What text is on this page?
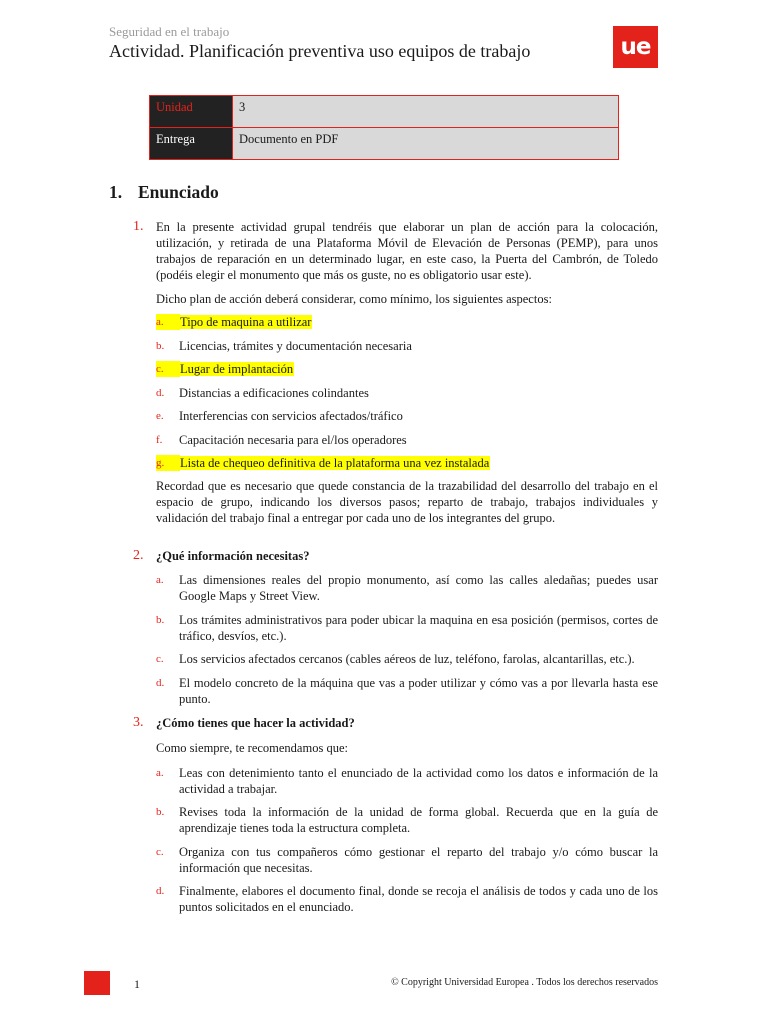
Seguridad en el trabajo
Actividad. Planificación preventiva uso equipos de trabajo	ue
Unidad	3
Entrega	Documento en PDF
1. Enunciado
1.	En la presente actividad grupal tendréis que elaborar un plan de acción para la colocación, utilización, y retirada de una Plataforma Móvil de Elevación de Personas (PEMP), para unos trabajos de reparación en un determinado lugar, en este caso, la Puerta del Cambrón, de Toledo (podéis elegir el monumento que más os guste, no es obligatorio usar este).
Dicho plan de acción deberá considerar, como mínimo, los siguientes aspectos:
a.	Tipo de maquina a utilizar
b.	Licencias, trámites y documentación necesaria
c.	Lugar de implantación
d.	Distancias a edificaciones colindantes
e.	Interferencias con servicios afectados/tráfico
f.	Capacitación necesaria para el/los operadores
g.	Lista de chequeo definitiva de la plataforma una vez instalada
Recordad que es necesario que quede constancia de la trazabilidad del desarrollo del trabajo en el espacio de grupo, indicando los diversos pasos; reparto de trabajo, trabajos individuales y validación del trabajo final a entregar por cada uno de los integrantes del grupo.
2.	¿Qué información necesitas?
a.	Las dimensiones reales del propio monumento, así como las calles aledañas; puedes usar Google Maps y Street View.
b.	Los trámites administrativos para poder ubicar la maquina en esa posición (permisos, cortes de tráfico, desvíos, etc.).
c.	Los servicios afectados cercanos (cables aéreos de luz, teléfono, farolas, alcantarillas, etc.).
d.	El modelo concreto de la máquina que vas a poder utilizar y cómo vas a por llevarla hasta ese punto.
3.	¿Cómo tienes que hacer la actividad?
Como siempre, te recomendamos que:
a.	Leas con detenimiento tanto el enunciado de la actividad como los datos e información de la actividad a trabajar.
b.	Revises toda la información de la unidad de forma global. Recuerda que en la guía de aprendizaje tienes toda la estructura completa.
c.	Organiza con tus compañeros cómo gestionar el reparto del trabajo y/o cómo buscar la información que necesitas.
d.	Finalmente, elabores el documento final, donde se recoja el análisis de todos y cada uno de los puntos solicitados en el enunciado.
1	© Copyright Universidad Europea . Todos los derechos reservados
